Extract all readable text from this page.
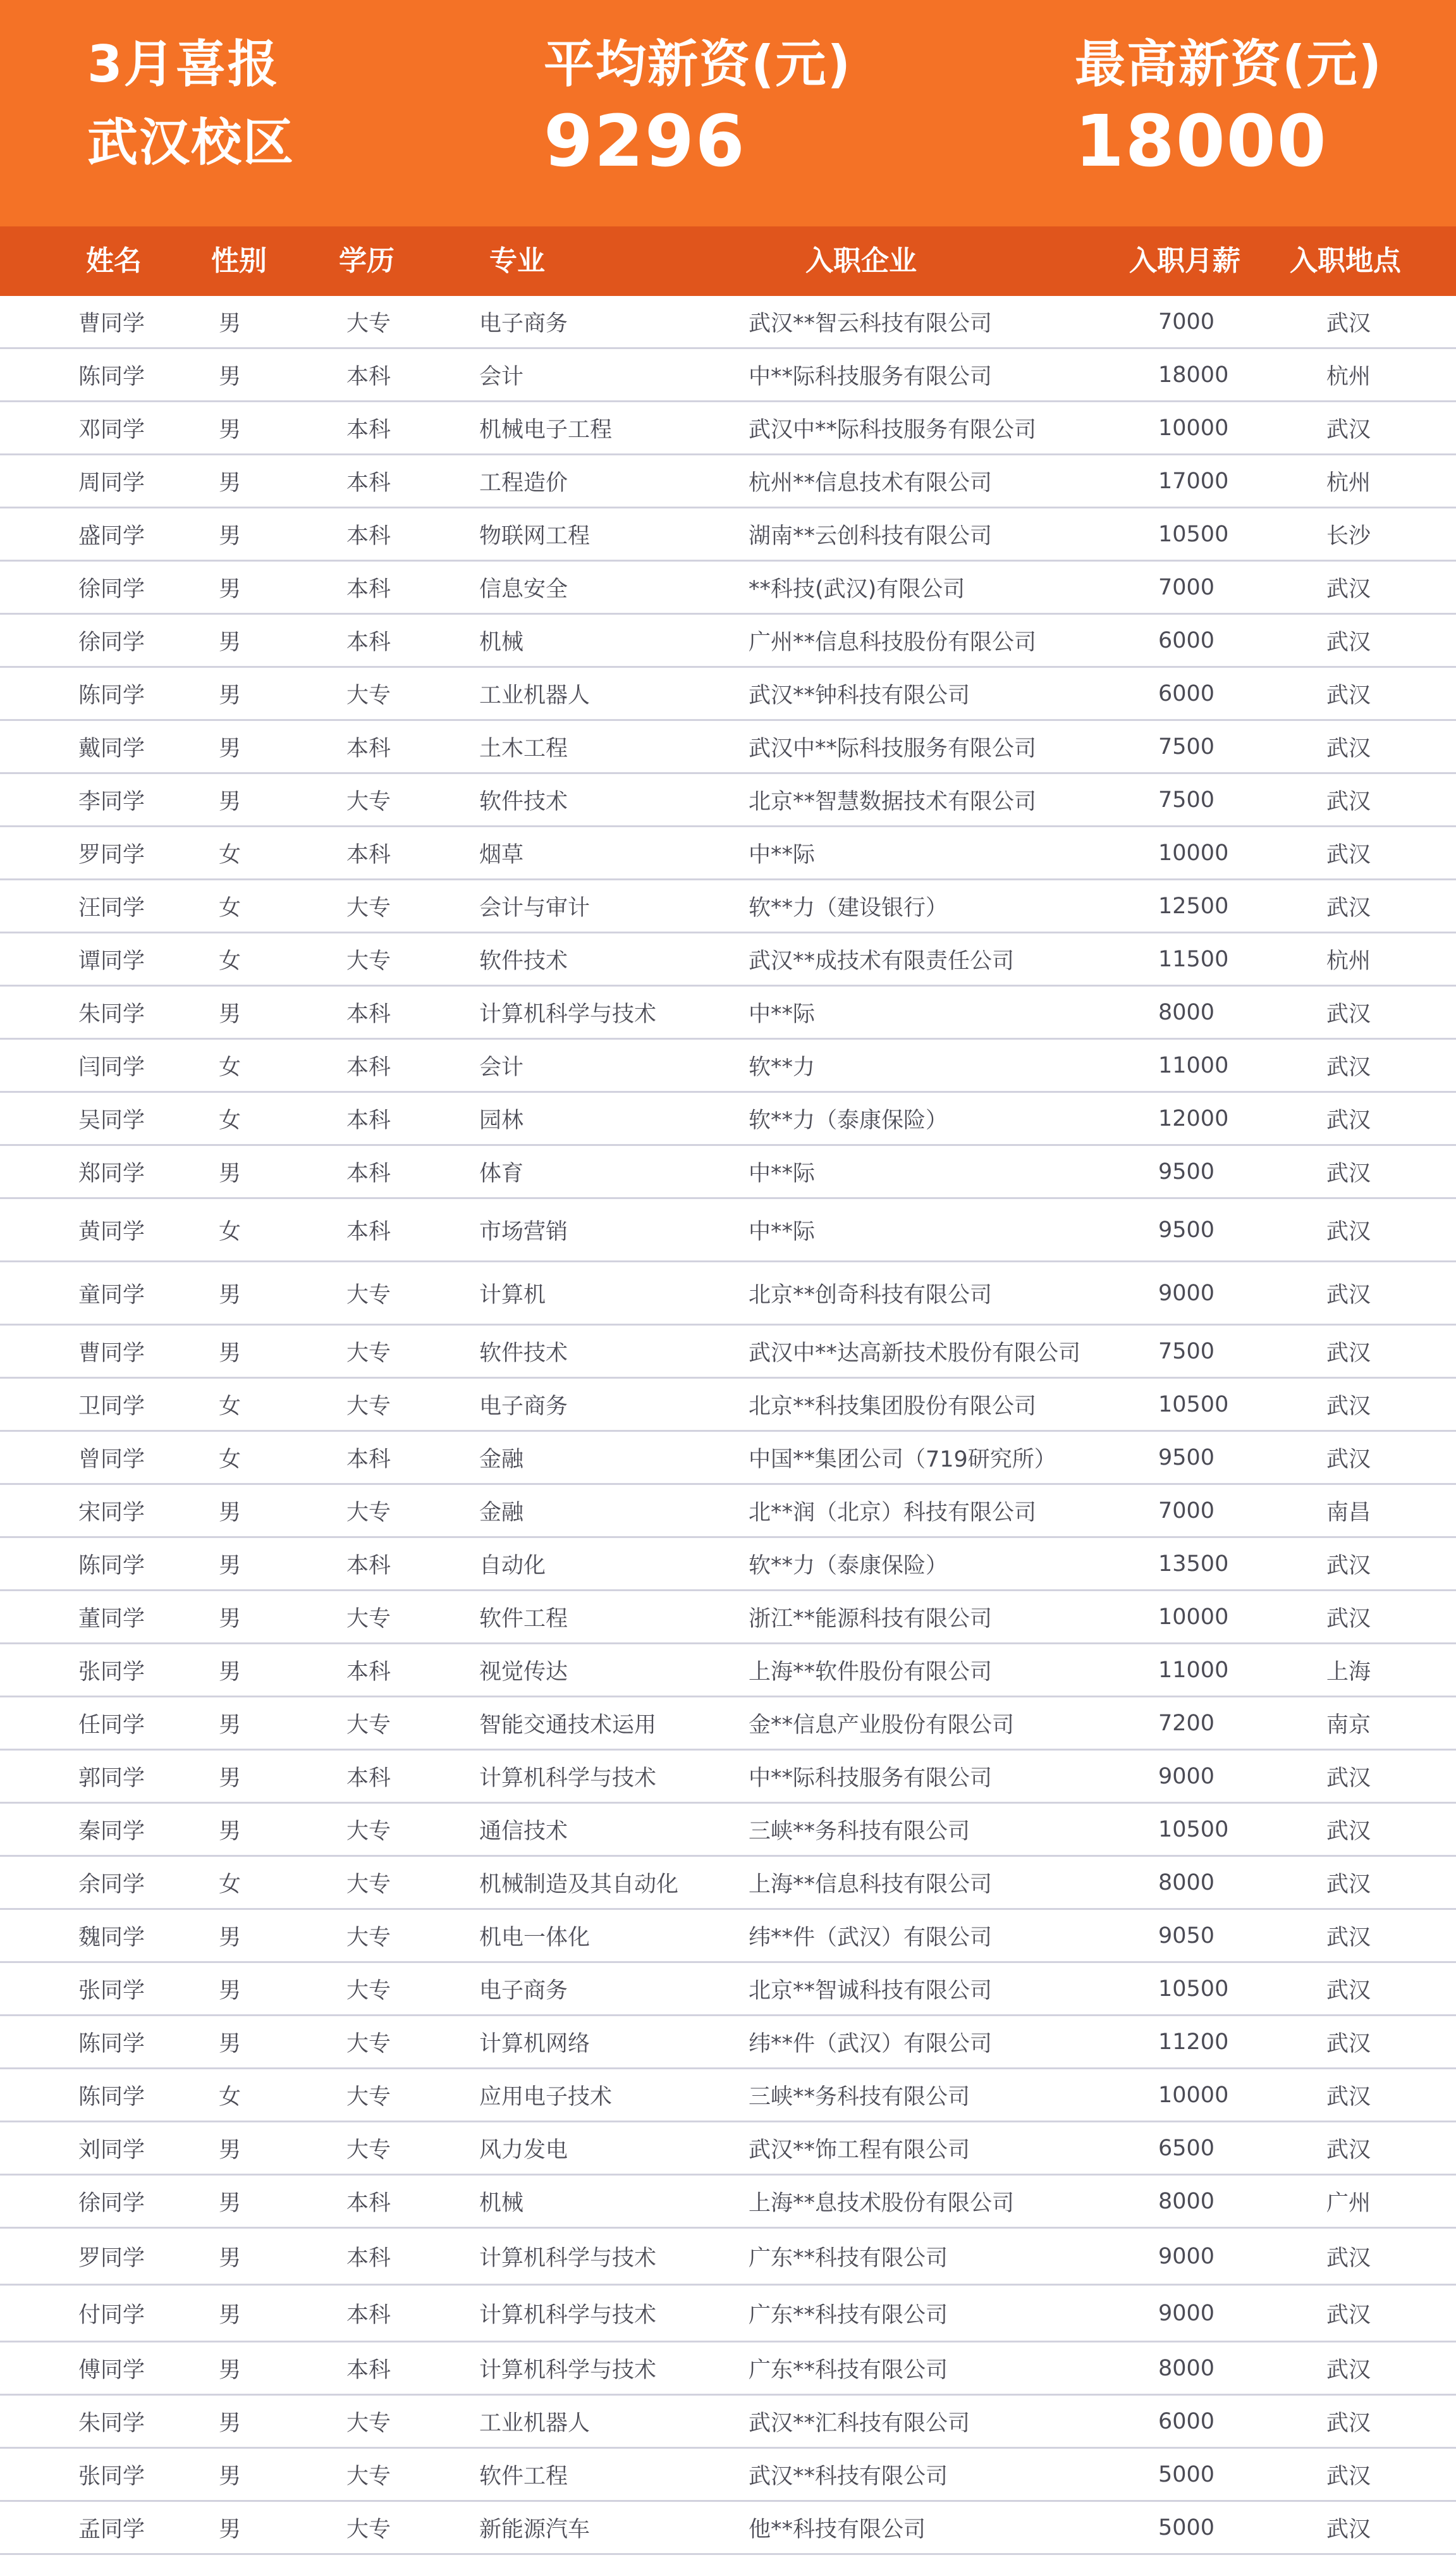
3月喜报
武汉校区
平均新资(元)
9296
最高新资(元)
18000
姓名	性别	学历	专业	入职企业	入职月薪 入职地点
曹同学	男	大专	电子商务	武汉**智云科技有限公司	7000	武汉
陈同学	男	本科	会计	中**际科技服务有限公司	18000	杭州
邓同学	男	本科	机械电子工程	武汉中**际科技服务有限公司	10000	武汉
周同学	男	本科	工程造价	杭州**信息技术有限公司	17000	杭州
盛同学	男	本科	物联网工程	湖南**云创科技有限公司	10500	长沙
徐同学	男	本科	信息安全	**科技(武汉)有限公司	7000	武汉
徐同学	男	本科	机械	广州**信息科技股份有限公司	6000	武汉
陈同学	男	大专	工业机器人	武汉**钟科技有限公司	6000	武汉
戴同学	男	本科	土木工程	武汉中**际科技服务有限公司	7500	武汉
李同学	男	大专	软件技术	北京**智慧数据技术有限公司	7500	武汉
罗同学	女	本科	烟草	中**际	10000	武汉
汪同学	女	大专	会计与审计	软**力（建设银行）	12500	武汉
谭同学	女	大专	软件技术	武汉**成技术有限责任公司	11500	杭州
朱同学	男	本科	计算机科学与技术	中**际	8000	武汉
闫同学	女	本科	会计	软**力	11000	武汉
吴同学	女	本科	园林	软**力（泰康保险）	12000	武汉
郑同学	男	本科	体育	中**际	9500	武汉
黄同学	女	本科	市场营销	中**际	9500	武汉
童同学	男	大专	计算机	北京**创奇科技有限公司	9000	武汉
曹同学	男	大专	软件技术	武汉中**达高新技术股份有限公司	7500	武汉
卫同学	女	大专	电子商务	北京**科技集团股份有限公司	10500	武汉
曾同学	女	本科	金融	中国**集团公司（719研究所）	9500	武汉
宋同学	男	大专	金融	北**润（北京）科技有限公司	7000	南昌
陈同学	男	本科	自动化	软**力（泰康保险）	13500	武汉
董同学	男	大专	软件工程	浙江**能源科技有限公司	10000	武汉
张同学	男	本科	视觉传达	上海**软件股份有限公司	11000	上海
任同学	男	大专	智能交通技术运用	金**信息产业股份有限公司	7200	南京
郭同学	男	本科	计算机科学与技术	中**际科技服务有限公司	9000	武汉
秦同学	男	大专	通信技术	三峡**务科技有限公司	10500	武汉
余同学	女	大专	机械制造及其自动化	上海**信息科技有限公司	8000	武汉
魏同学	男	大专	机电一体化	纬**件（武汉）有限公司	9050	武汉
张同学	男	大专	电子商务	北京**智诚科技有限公司	10500	武汉
陈同学	男	大专	计算机网络	纬**件（武汉）有限公司	11200	武汉
陈同学	女	大专	应用电子技术	三峡**务科技有限公司	10000	武汉
刘同学	男	大专	风力发电	武汉**饰工程有限公司	6500	武汉
徐同学	男	本科	机械	上海**息技术股份有限公司	8000	广州
罗同学	男	本科	计算机科学与技术	广东**科技有限公司	9000	武汉
付同学	男	本科	计算机科学与技术	广东**科技有限公司	9000	武汉
傅同学	男	本科	计算机科学与技术	广东**科技有限公司	8000	武汉
朱同学	男	大专	工业机器人	武汉**汇科技有限公司	6000	武汉
张同学	男	大专	软件工程	武汉**科技有限公司	5000	武汉
孟同学	男	大专	新能源汽车	他**科技有限公司	5000	武汉
